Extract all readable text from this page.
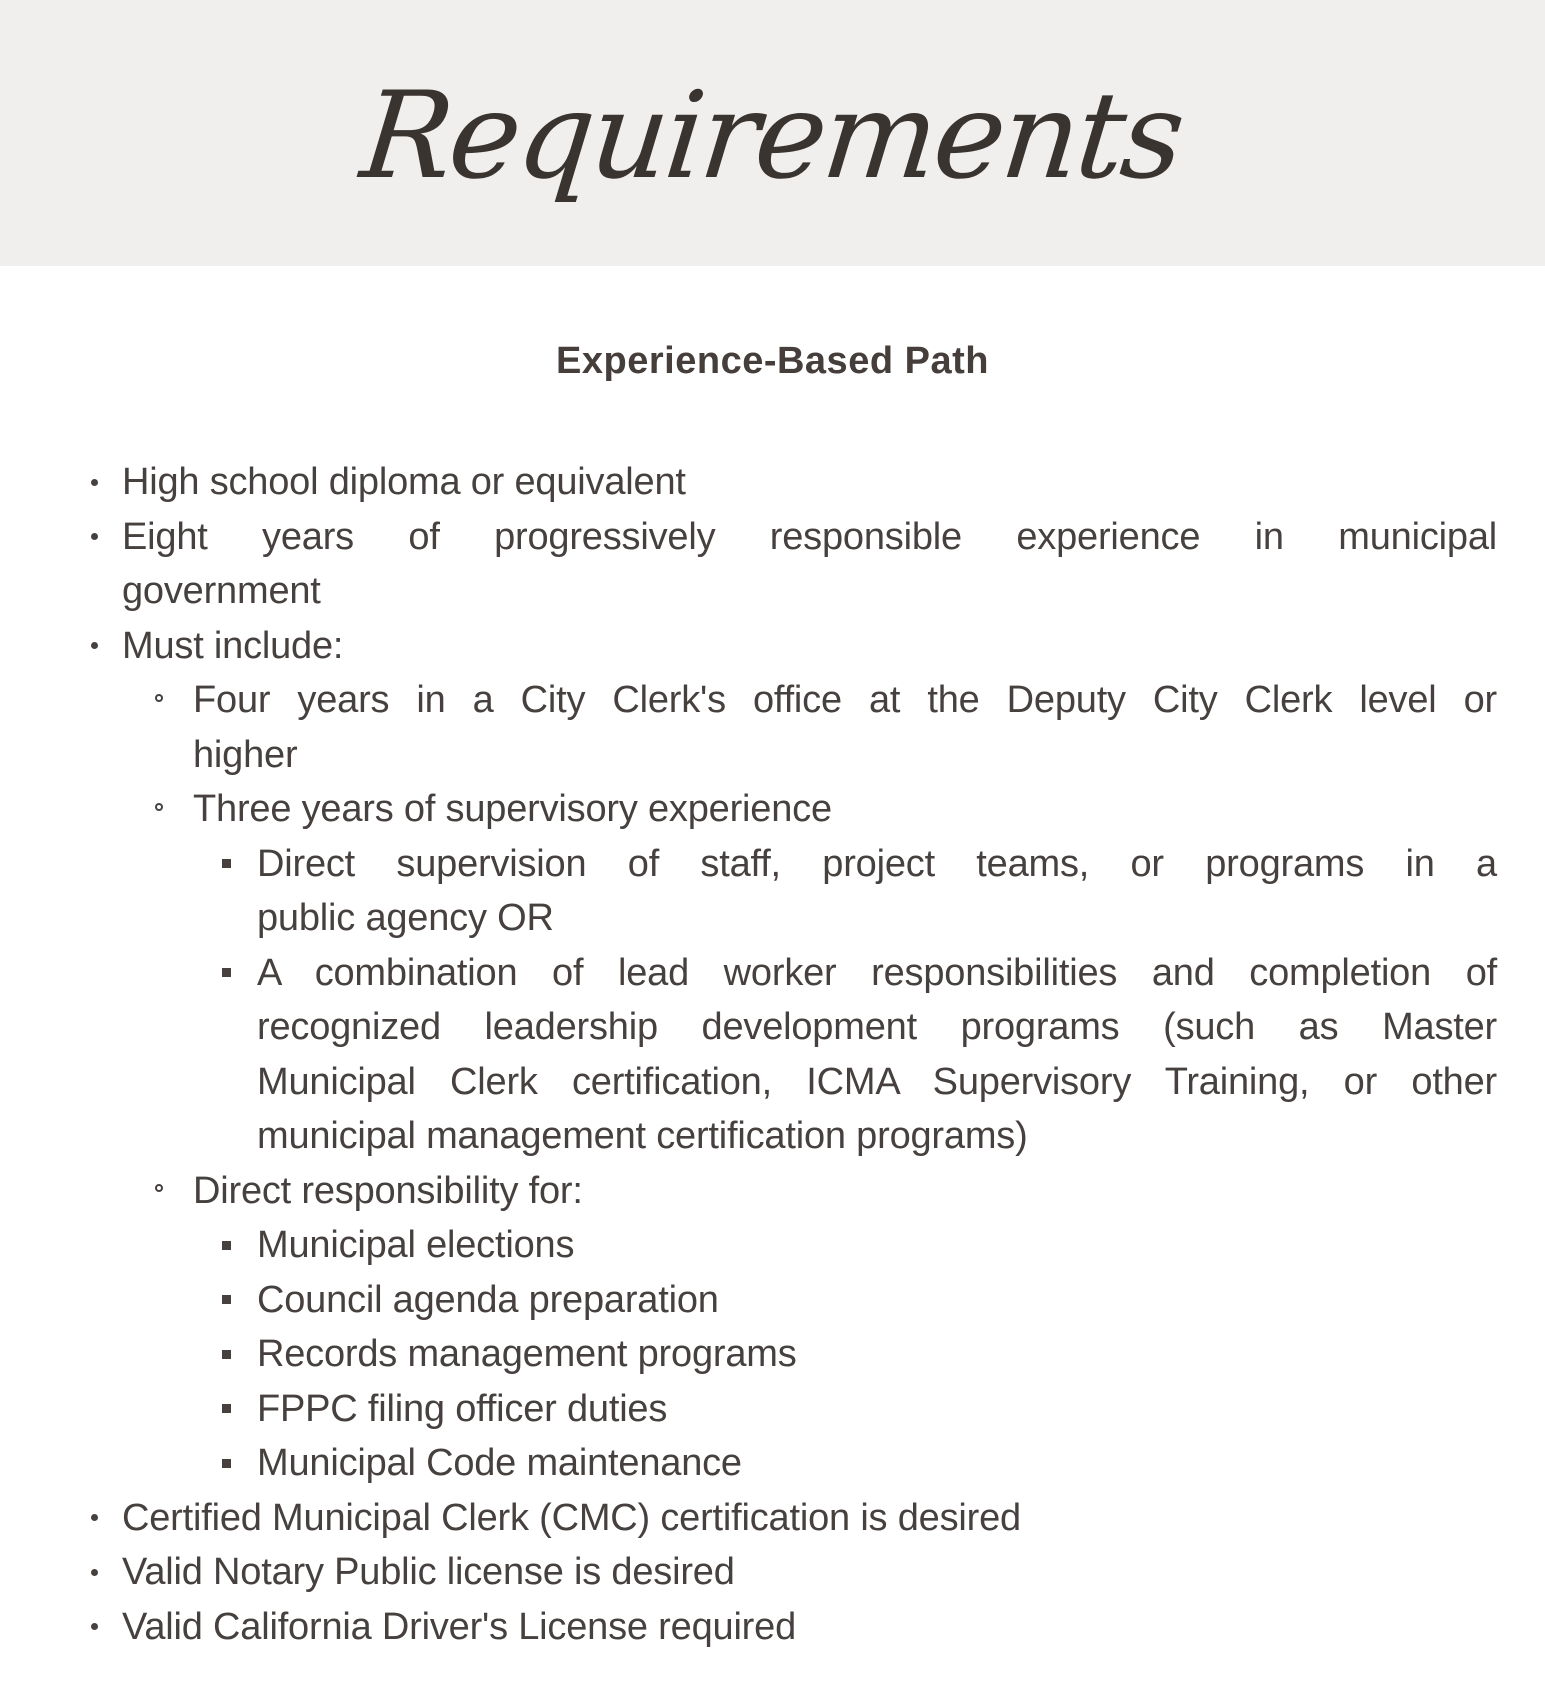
Requirements
Experience-Based Path
High school diploma or equivalent
Eight years of progressively responsible experience in municipal
government
Must include:
Four years in a City Clerk's office at the Deputy City Clerk level or
higher
Three years of supervisory experience
Direct supervision of staff, project teams, or programs in a
public agency OR
A combination of lead worker responsibilities and completion of
recognized leadership development programs (such as Master
Municipal Clerk certification, ICMA Supervisory Training, or other
municipal management certification programs)
Direct responsibility for:
Municipal elections
Council agenda preparation
Records management programs
FPPC filing officer duties
Municipal Code maintenance
Certified Municipal Clerk (CMC) certification is desired
Valid Notary Public license is desired
Valid California Driver's License required
